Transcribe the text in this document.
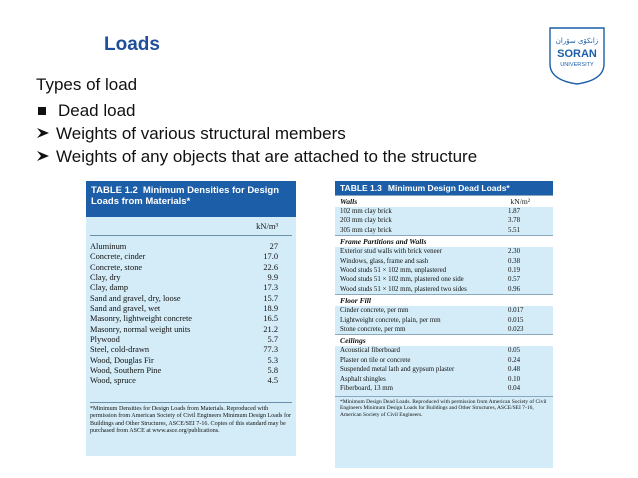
Loads	زانكۆی سۆران
SORAN
UNIVERSITY
Types of load
Dead load
Weights of various structural members
Weights of any objects that are attached to the structure
TABLE 1.2 Minimum Densities for Design
Loads from Materials*
kN/m³
Aluminum	27
Concrete, cinder	17.0
Concrete, stone	22.6
Clay, dry	9.9
Clay, damp	17.3
Sand and gravel, dry, loose	15.7
Sand and gravel, wet	18.9
Masonry, lightweight concrete	16.5
Masonry, normal weight units	21.2
Plywood	5.7
Steel, cold-drawn	77.3
Wood, Douglas Fir	5.3
Wood, Southern Pine	5.8
Wood, spruce	4.5
*Minimum Densities for Design Loads from Materials. Reproduced with permission from American Society of Civil Engineers Minimum Design Loads for Buildings and Other Structures, ASCE/SEI 7-16. Copies of this standard may be purchased from ASCE at www.asce.org/publications.
TABLE 1.3 Minimum Design Dead Loads*
Walls	kN/m²
102 mm clay brick	1.87
203 mm clay brick	3.78
305 mm clay brick	5.51
Frame Partitions and Walls
Exterior stud walls with brick veneer	2.30
Windows, glass, frame and sash	0.38
Wood studs 51 × 102 mm, unplastered	0.19
Wood studs 51 × 102 mm, plastered one side	0.57
Wood studs 51 × 102 mm, plastered two sides	0.96
Floor Fill
Cinder concrete, per mm	0.017
Lightweight concrete, plain, per mm	0.015
Stone concrete, per mm	0.023
Ceilings
Acoustical fiberboard	0.05
Plaster on tile or concrete	0.24
Suspended metal lath and gypsum plaster	0.48
Asphalt shingles	0.10
Fiberboard, 13 mm	0.04
*Minimum Design Dead Loads. Reproduced with permission from American Society of Civil Engineers Minimum Design Loads for Buildings and Other Structures, ASCE/SEI 7-16, American Society of Civil Engineers.
